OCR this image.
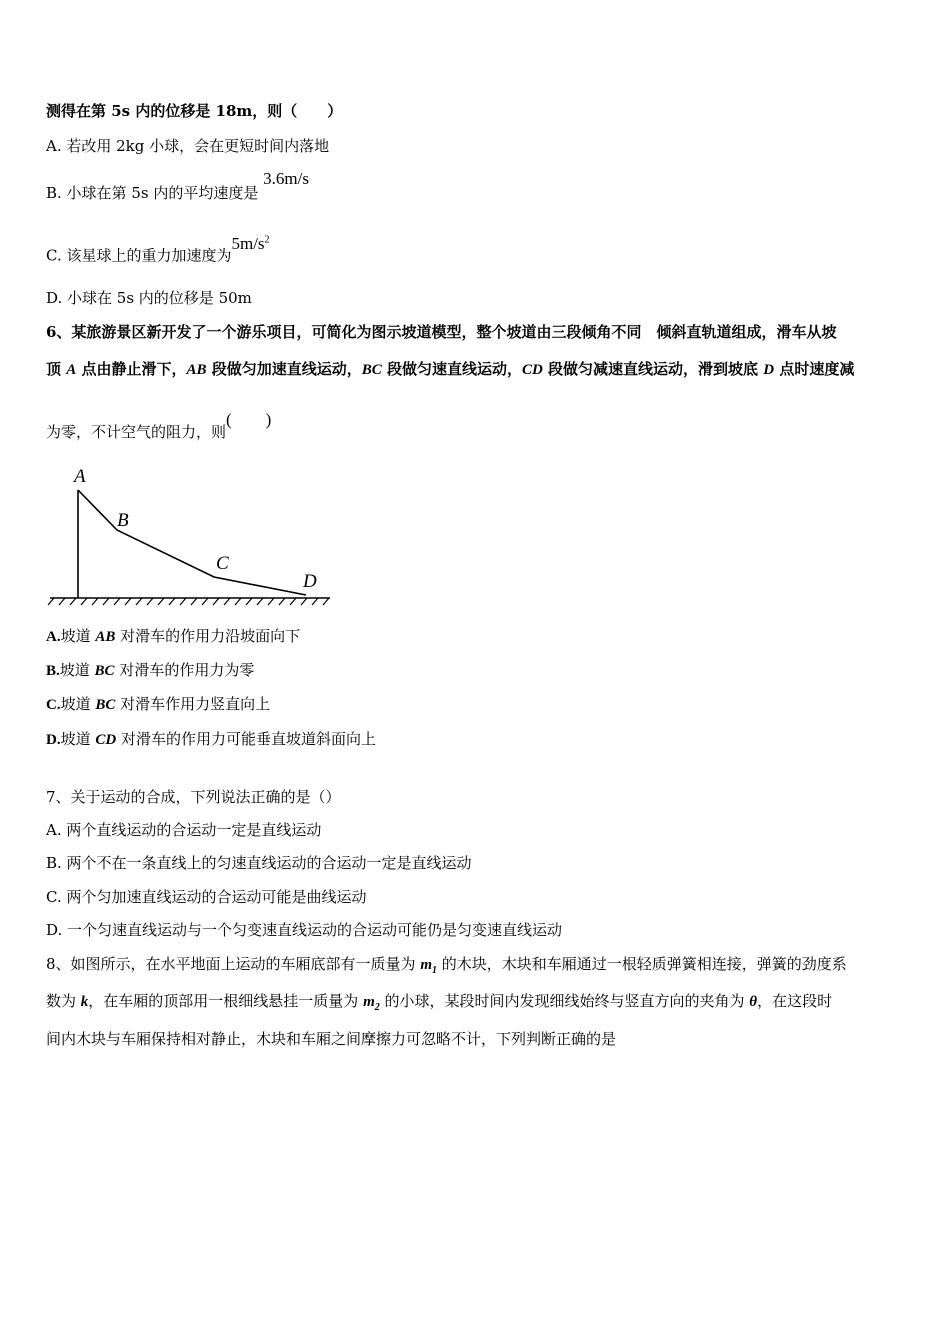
测得在第 5s 内的位移是 18m，则（　　）
A. 若改用 2kg 小球，会在更短时间内落地
B. 小球在第 5s 内的平均速度是 3.6m/s
C. 该星球上的重力加速度为$5m/s^2$
D. 小球在 5s 内的位移是 50m
6、某旅游景区新开发了一个游乐项目，可简化为图示坡道模型，整个坡道由三段倾角不同　倾斜直轨道组成，滑车从坡
顶 A 点由静止滑下，AB 段做匀加速直线运动，BC 段做匀速直线运动，CD 段做匀减速直线运动，滑到坡底 D 点时速度减
为零，不计空气的阻力，则(　　)
A
B
C
D
A.坡道 AB 对滑车的作用力沿坡面向下
B.坡道 BC 对滑车的作用力为零
C.坡道 BC 对滑车作用力竖直向上
D.坡道 CD 对滑车的作用力可能垂直坡道斜面向上
7、关于运动的合成，下列说法正确的是（）
A. 两个直线运动的合运动一定是直线运动
B. 两个不在一条直线上的匀速直线运动的合运动一定是直线运动
C. 两个匀加速直线运动的合运动可能是曲线运动
D. 一个匀速直线运动与一个匀变速直线运动的合运动可能仍是匀变速直线运动
8、如图所示，在水平地面上运动的车厢底部有一质量为 $m_1$ 的木块，木块和车厢通过一根轻质弹簧相连接，弹簧的劲度系
数为 k，在车厢的顶部用一根细线悬挂一质量为 $m_2$ 的小球，某段时间内发现细线始终与竖直方向的夹角为 θ，在这段时
间内木块与车厢保持相对静止，木块和车厢之间摩擦力可忽略不计，下列判断正确的是
